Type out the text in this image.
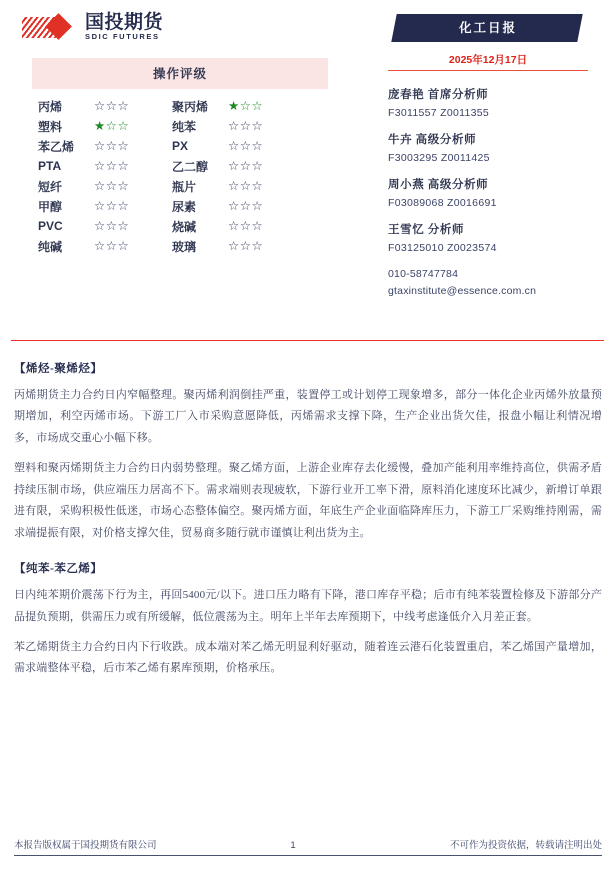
国投期货
SDIC FUTURES
操作评级
丙烯	☆☆☆	聚丙烯	★☆☆
塑料	★☆☆	纯苯	☆☆☆
苯乙烯	☆☆☆	PX	☆☆☆
PTA	☆☆☆	乙二醇	☆☆☆
短纤	☆☆☆	瓶片	☆☆☆
甲醇	☆☆☆	尿素	☆☆☆
PVC	☆☆☆	烧碱	☆☆☆
纯碱	☆☆☆	玻璃	☆☆☆
化工日报
2025年12月17日
庞春艳 首席分析师
F3011557 Z0011355
牛卉 高级分析师
F3003295 Z0011425
周小燕 高级分析师
F03089068 Z0016691
王雪忆 分析师
F03125010 Z0023574
010-58747784
gtaxinstitute@essence.com.cn
【烯烃-聚烯烃】

丙烯期货主力合约日内窄幅整理。聚丙烯利润倒挂严重，装置停工或计划停工现象增多，部分一体化企业丙烯外放量预期增加，利空丙烯市场。下游工厂入市采购意愿降低，丙烯需求支撑下降，生产企业出货欠佳，报盘小幅让利情况增多，市场成交重心小幅下移。

塑料和聚丙烯期货主力合约日内弱势整理。聚乙烯方面，上游企业库存去化缓慢，叠加产能利用率维持高位，供需矛盾持续压制市场，供应端压力居高不下。需求端则表现疲软，下游行业开工率下滑，原料消化速度环比减少，新增订单跟进有限，采购积极性低迷，市场心态整体偏空。聚丙烯方面，年底生产企业面临降库压力，下游工厂采购维持刚需，需求端提振有限，对价格支撑欠佳，贸易商多随行就市谨慎让利出货为主。

【纯苯-苯乙烯】

日内纯苯期价震荡下行为主，再回5400元/以下。进口压力略有下降，港口库存平稳；后市有纯苯装置检修及下游部分产品提负预期，供需压力或有所缓解，低位震荡为主。明年上半年去库预期下，中线考虑逢低介入月差正套。

苯乙烯期货主力合约日内下行收跌。成本端对苯乙烯无明显利好驱动，随着连云港石化装置重启，苯乙烯国产量增加，需求端整体平稳，后市苯乙烯有累库预期，价格承压。

本报告版权属于国投期货有限公司	1	不可作为投资依据，转载请注明出处
